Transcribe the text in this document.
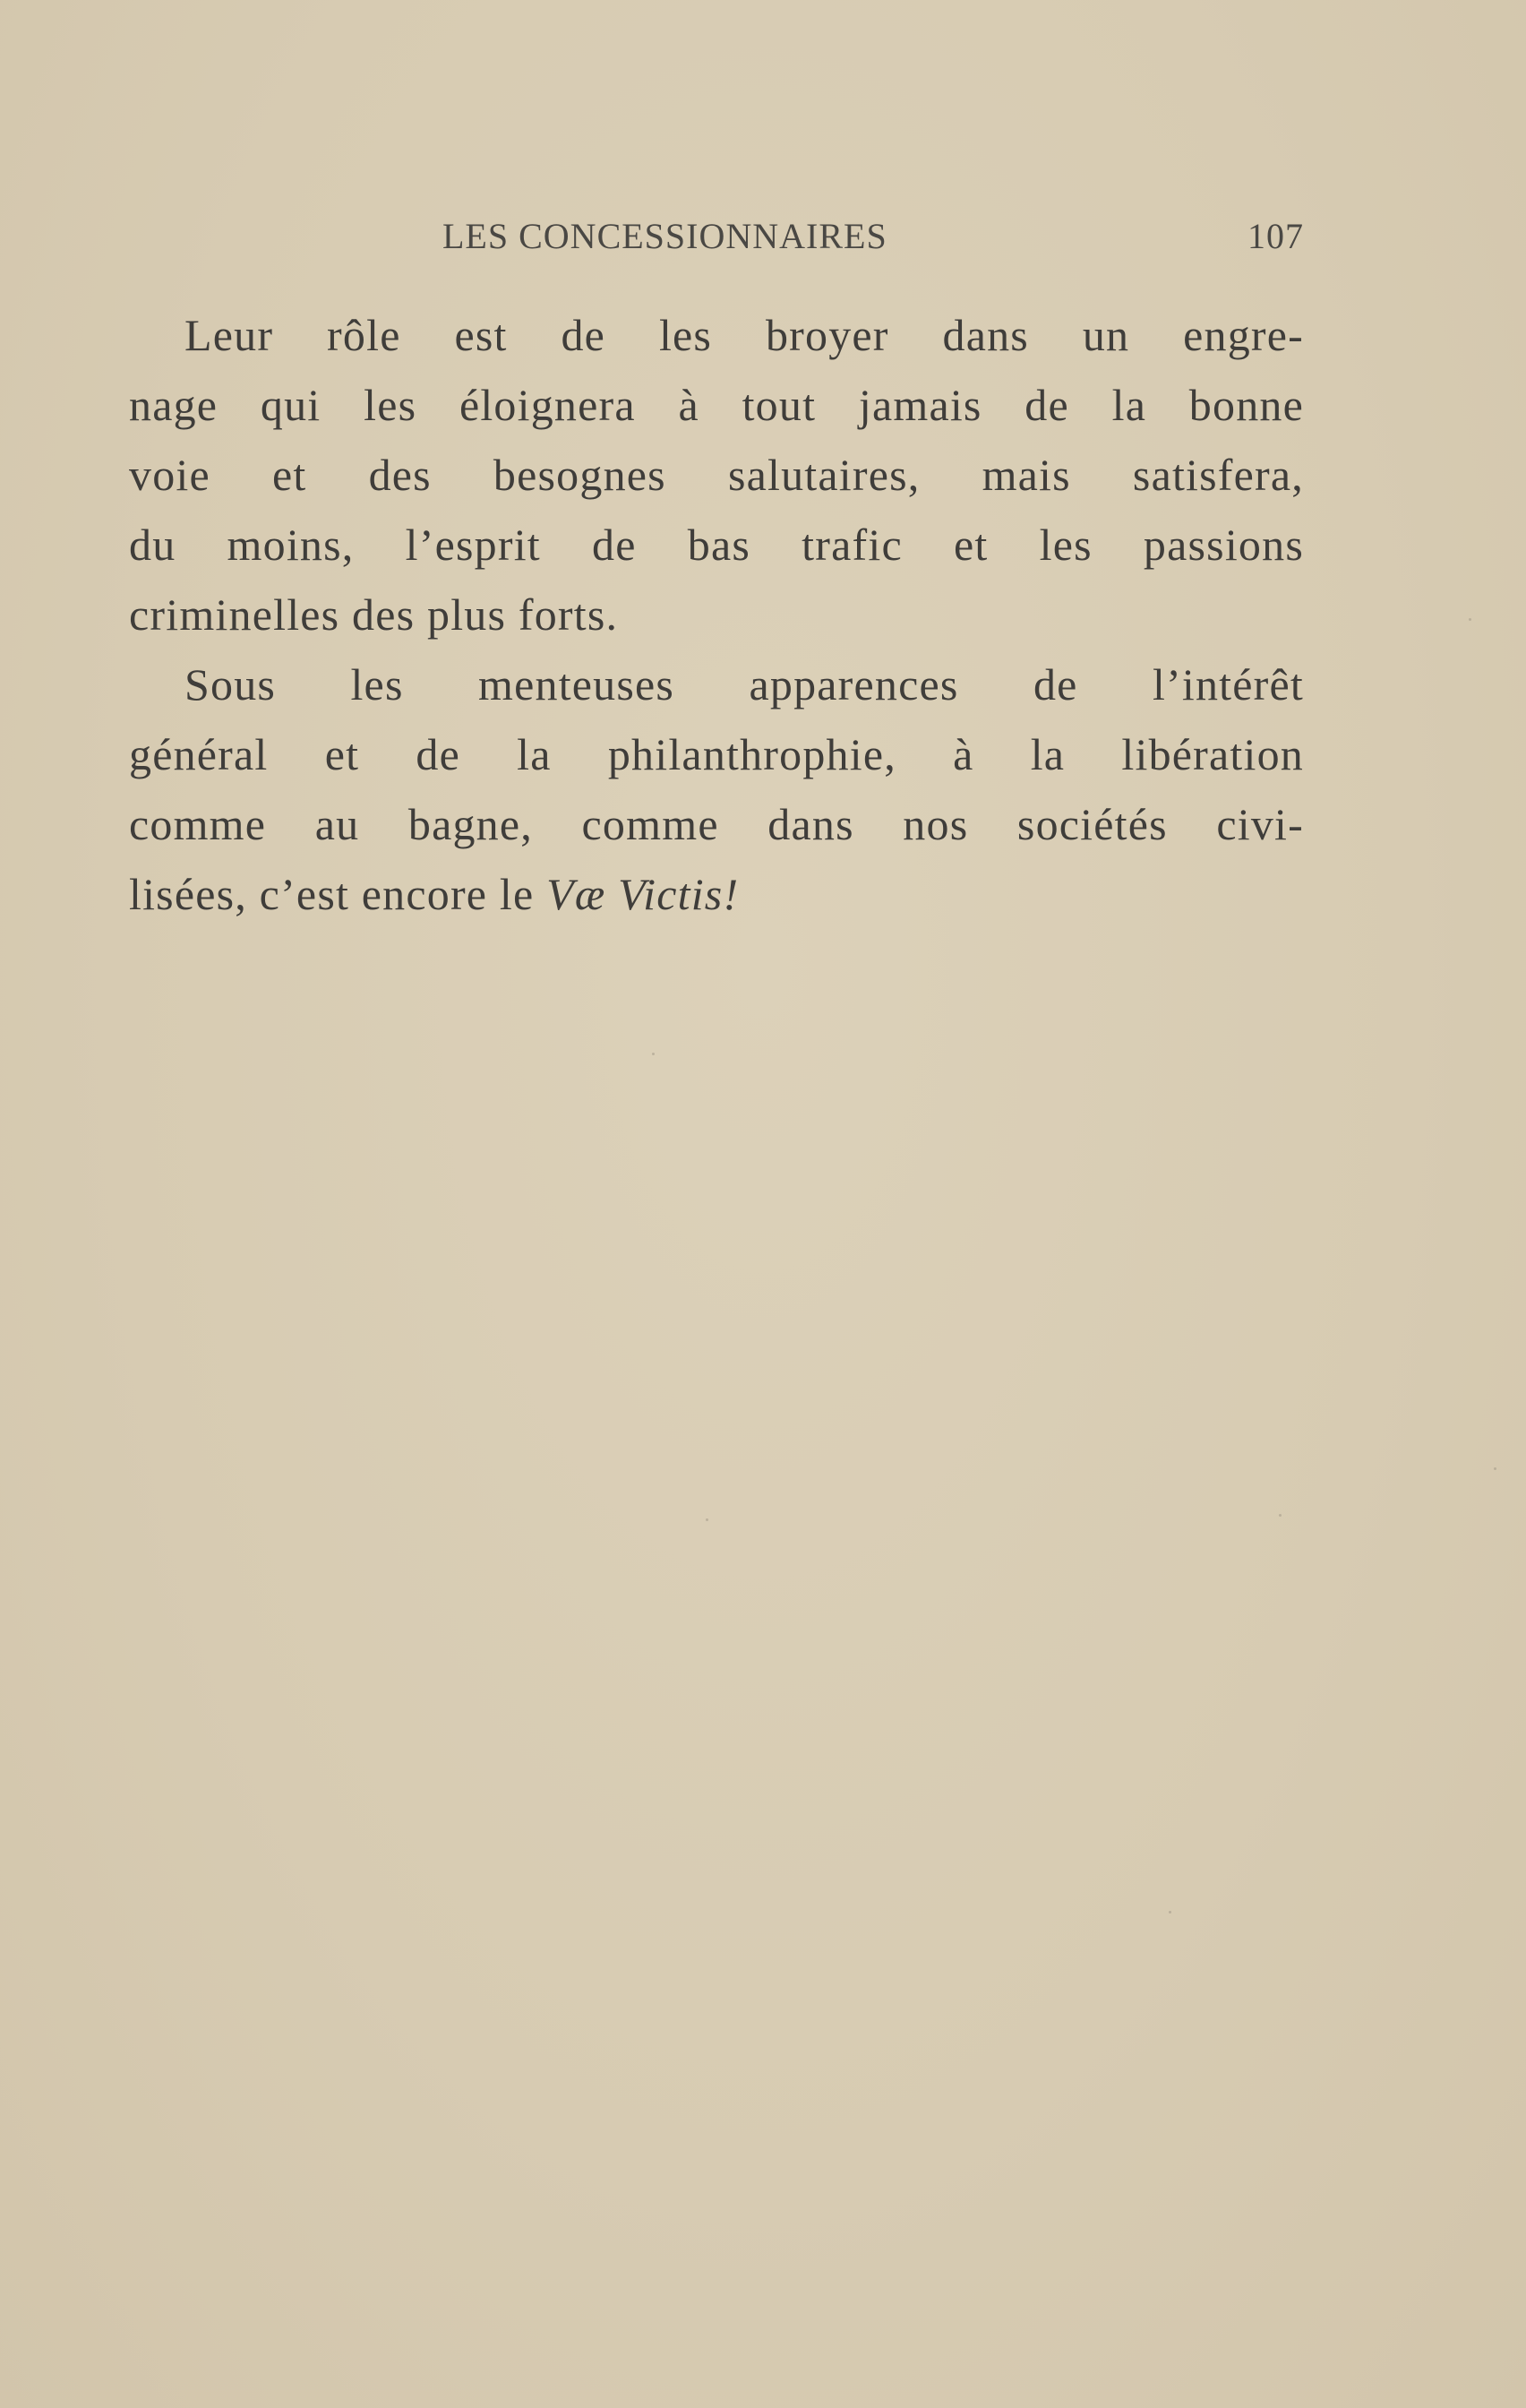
LES CONCESSIONNAIRES	107

Leur rôle est de les broyer dans un engre-
nage qui les éloignera à tout jamais de la bonne
voie et des besognes salutaires, mais satisfera,
du moins, l’esprit de bas trafic et les passions
criminelles des plus forts.

Sous les menteuses apparences de l’intérêt
général et de la philanthrophie, à la libération
comme au bagne, comme dans nos sociétés civi-
lisées, c’est encore le Væ Victis!
